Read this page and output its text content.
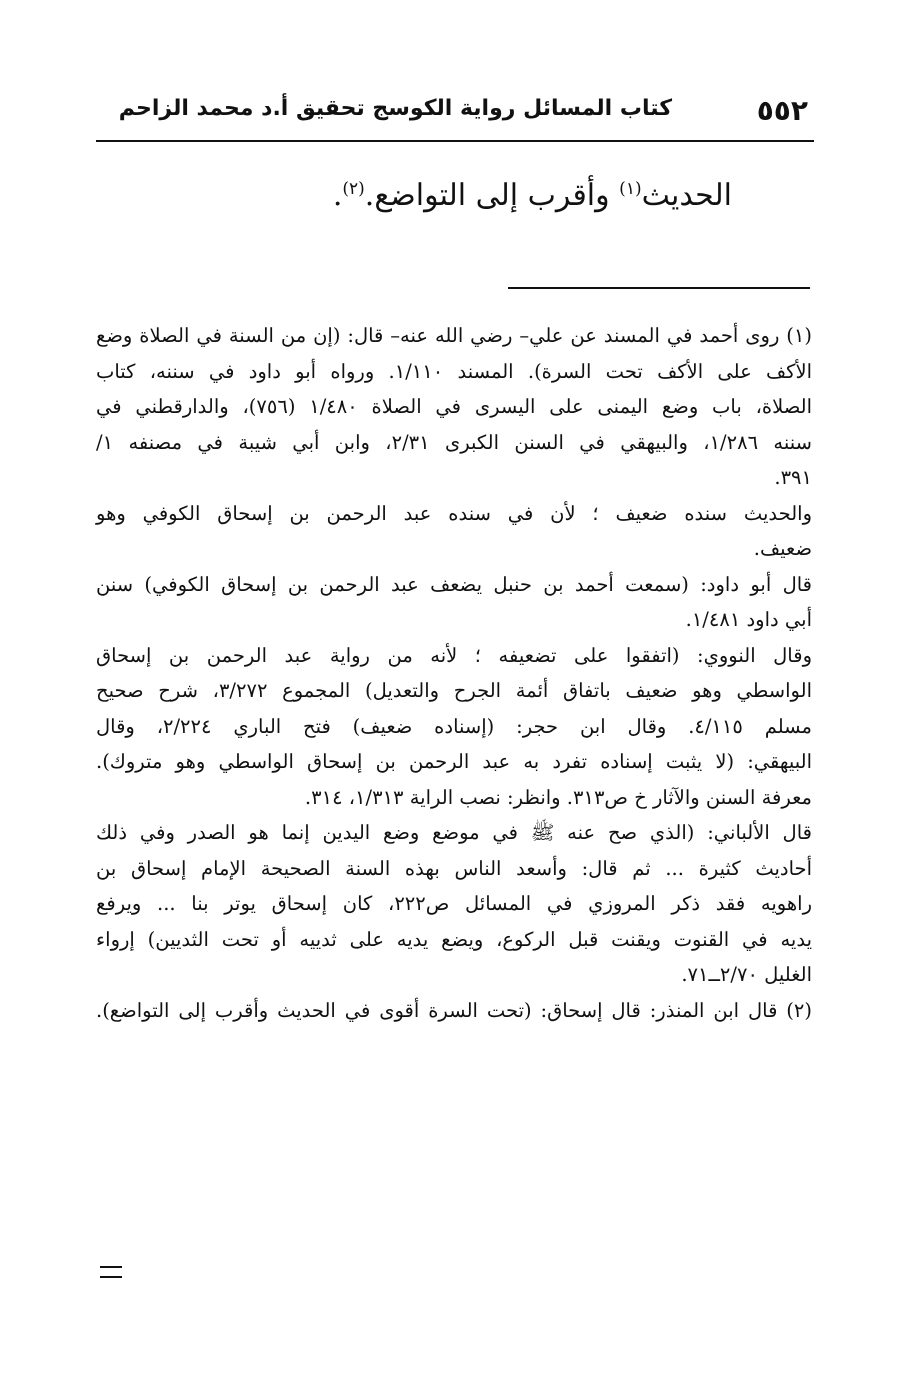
٥٥٢
كتاب المسائل رواية الكوسج تحقيق أ.د محمد الزاحم
الحديث$^{(١)}$ وأقرب إلى التواضع.$^{(٢)}$.
(١) روى أحمد في المسند عن علي– رضي الله عنه– قال: (إن من السنة في الصلاة وضع
الأكف على الأكف تحت السرة). المسند ١/١١٠. ورواه أبو داود في سننه، كتاب
الصلاة، باب وضع اليمنى على اليسرى في الصلاة ١/٤٨٠ (٧٥٦)، والدارقطني في
سننه ١/٢٨٦، والبيهقي في السنن الكبرى ٢/٣١، وابن أبي شيبة في مصنفه ١/
٣٩١.
والحديث سنده ضعيف ؛ لأن في سنده عبد الرحمن بن إسحاق الكوفي وهو
ضعيف.
قال أبو داود: (سمعت أحمد بن حنبل يضعف عبد الرحمن بن إسحاق الكوفي) سنن
أبي داود ١/٤٨١.
وقال النووي: (اتفقوا على تضعيفه ؛ لأنه من رواية عبد الرحمن بن إسحاق
الواسطي وهو ضعيف باتفاق أئمة الجرح والتعديل) المجموع ٣/٢٧٢، شرح صحيح
مسلم ٤/١١٥. وقال ابن حجر: (إسناده ضعيف) فتح الباري ٢/٢٢٤، وقال
البيهقي: (لا يثبت إسناده تفرد به عبد الرحمن بن إسحاق الواسطي وهو متروك).
معرفة السنن والآثار خ ص٣١٣. وانظر: نصب الراية ١/٣١٣، ٣١٤.
قال الألباني: (الذي صح عنه ﷺ في موضع وضع اليدين إنما هو الصدر وفي ذلك
أحاديث كثيرة ... ثم قال: وأسعد الناس بهذه السنة الصحيحة الإمام إسحاق بن
راهويه فقد ذكر المروزي في المسائل ص٢٢٢، كان إسحاق يوتر بنا ... ويرفع
يديه في القنوت ويقنت قبل الركوع، ويضع يديه على ثدييه أو تحت الثديين) إرواء
الغليل ٢/٧٠ــ٧١.
(٢) قال ابن المنذر: قال إسحاق: (تحت السرة أقوى في الحديث وأقرب إلى التواضع).
